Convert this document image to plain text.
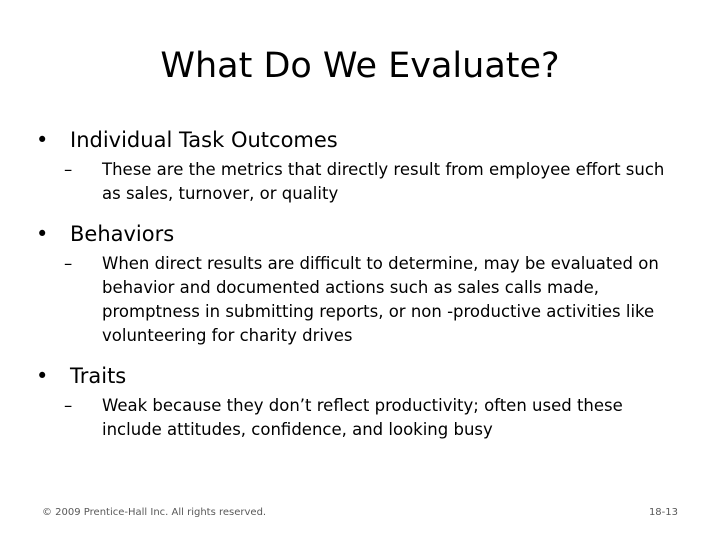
What Do We Evaluate?
• Individual Task Outcomes
– These are the metrics that directly result from employee effort such as sales, turnover, or quality
• Behaviors
– When direct results are difficult to determine, may be evaluated on behavior and documented actions such as sales calls made, promptness in submitting reports, or non -productive activities like volunteering for charity drives
• Traits
– Weak because they don’t reflect productivity; often used these include attitudes, confidence, and looking busy
© 2009 Prentice-Hall Inc. All rights reserved.	18-13
